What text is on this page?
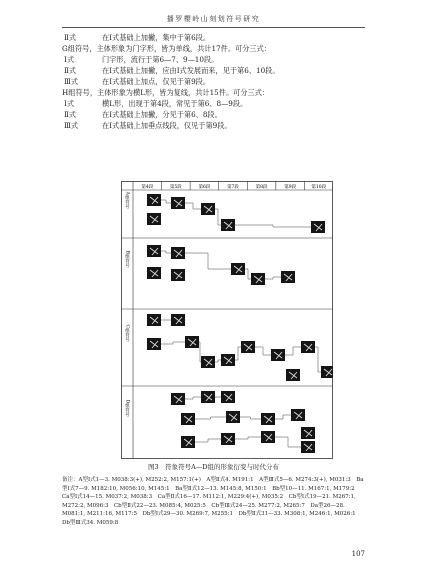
播罗樱岭山刻划符号研究
Ⅱ式	在Ⅰ式基础上加撇，集中于第6段。
G组符号，主体形象为门字形，皆为单线，共计17件。可分三式：
Ⅰ式	门字形，流行于第6—7、9—10段。
Ⅱ式	在Ⅰ式基础上加撇，应由Ⅰ式发展而来，见于第6、10段。
Ⅲ式	在Ⅰ式基础上加点，仅见于第9段。
H组符号，主体形象为横L形，皆为复线，共计15件。可分三式：
Ⅰ式	横L形，出现于第4段，常见于第6、8—9段。
Ⅱ式	在Ⅰ式基础上加撇，分见于第6、8段。
Ⅲ式	在Ⅰ式基础上加垂点线段，仅见于第9段。
第4段	第5段	第6段	第7段	第8段	第9段	第10段
A组符号
B组符号
C组符号
D组符号
图3　符象符号A—D组的形象衍变与时代分布
备注：A型Ⅰ式1—3. M038:3(+), M252:2, M157:1(+)　A型Ⅱ式4. M191:1　A型Ⅲ式5—6. M274:3(+), M031:3　Ba型Ⅰ式7—9. M182:10, M056:10, M145:1　Ba型Ⅱ式12—13. M145:8, M150:1　Bb型10—11. M167:1, M179:2　Ca型Ⅰ式14—15. M037:2, M038:3　Ca型Ⅱ式16—17. M112:1, M229:4(+), M035:2　Cb型Ⅰ式19—21. M267:1, M272:2, M096:3　Cb型Ⅱ式22—23. M085:4, M025:5　Cb型Ⅲ式24—25. M277:2, M265:7　Da型26—28. M081:1, M211:16, M117:5　Db型Ⅰ式29—30. M269:7, M255:1　Db型Ⅱ式31—33. M308:1, M246:1, M026:1　Db型Ⅲ式34. M059:8
107
